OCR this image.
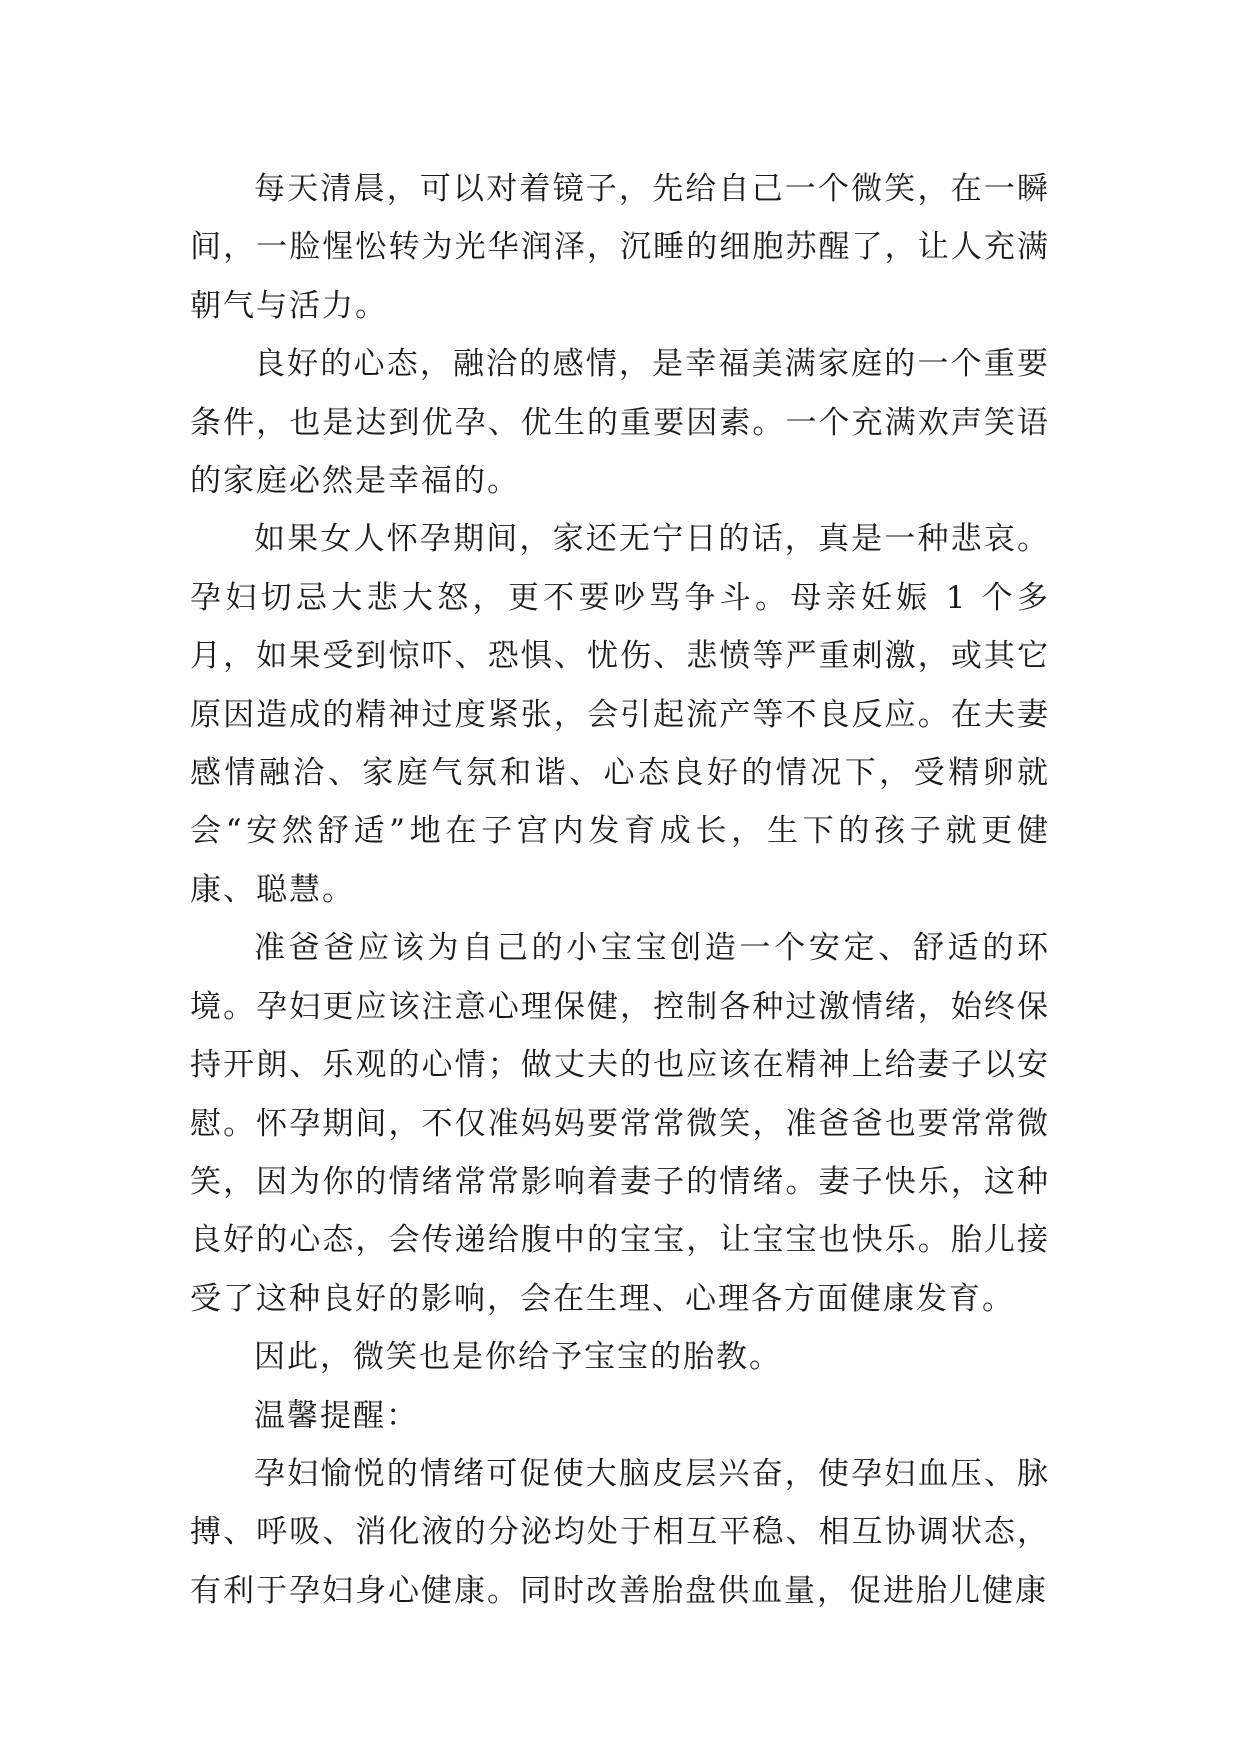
每天清晨，可以对着镜子，先给自己一个微笑，在一瞬间，一脸惺忪转为光华润泽，沉睡的细胞苏醒了，让人充满朝气与活力。

良好的心态，融洽的感情，是幸福美满家庭的一个重要条件，也是达到优孕、优生的重要因素。一个充满欢声笑语的家庭必然是幸福的。

如果女人怀孕期间，家还无宁日的话，真是一种悲哀。孕妇切忌大悲大怒，更不要吵骂争斗。母亲妊娠 1 个多月，如果受到惊吓、恐惧、忧伤、悲愤等严重刺激，或其它原因造成的精神过度紧张，会引起流产等不良反应。在夫妻感情融洽、家庭气氛和谐、心态良好的情况下，受精卵就会“安然舒适”地在子宫内发育成长，生下的孩子就更健康、聪慧。

准爸爸应该为自己的小宝宝创造一个安定、舒适的环境。孕妇更应该注意心理保健，控制各种过激情绪，始终保持开朗、乐观的心情；做丈夫的也应该在精神上给妻子以安慰。怀孕期间，不仅准妈妈要常常微笑，准爸爸也要常常微笑，因为你的情绪常常影响着妻子的情绪。妻子快乐，这种良好的心态，会传递给腹中的宝宝，让宝宝也快乐。胎儿接受了这种良好的影响，会在生理、心理各方面健康发育。

因此，微笑也是你给予宝宝的胎教。

温馨提醒：

孕妇愉悦的情绪可促使大脑皮层兴奋，使孕妇血压、脉搏、呼吸、消化液的分泌均处于相互平稳、相互协调状态，有利于孕妇身心健康。同时改善胎盘供血量，促进胎儿健康
